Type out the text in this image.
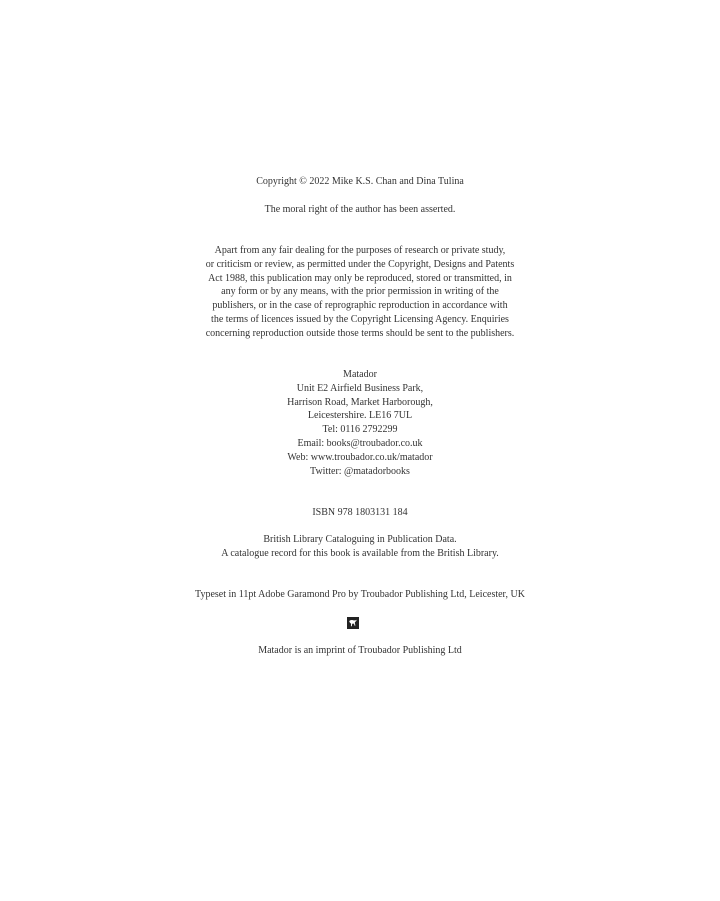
Copyright © 2022 Mike K.S. Chan and Dina Tulina
The moral right of the author has been asserted.
Apart from any fair dealing for the purposes of research or private study,
or criticism or review, as permitted under the Copyright, Designs and Patents
Act 1988, this publication may only be reproduced, stored or transmitted, in
any form or by any means, with the prior permission in writing of the
publishers, or in the case of reprographic reproduction in accordance with
the terms of licences issued by the Copyright Licensing Agency. Enquiries
concerning reproduction outside those terms should be sent to the publishers.
Matador
Unit E2 Airfield Business Park,
Harrison Road, Market Harborough,
Leicestershire. LE16 7UL
Tel: 0116 2792299
Email: books@troubador.co.uk
Web: www.troubador.co.uk/matador
Twitter: @matadorbooks
ISBN 978 1803131 184
British Library Cataloguing in Publication Data.
A catalogue record for this book is available from the British Library.
Typeset in 11pt Adobe Garamond Pro by Troubador Publishing Ltd, Leicester, UK
Matador is an imprint of Troubador Publishing Ltd
